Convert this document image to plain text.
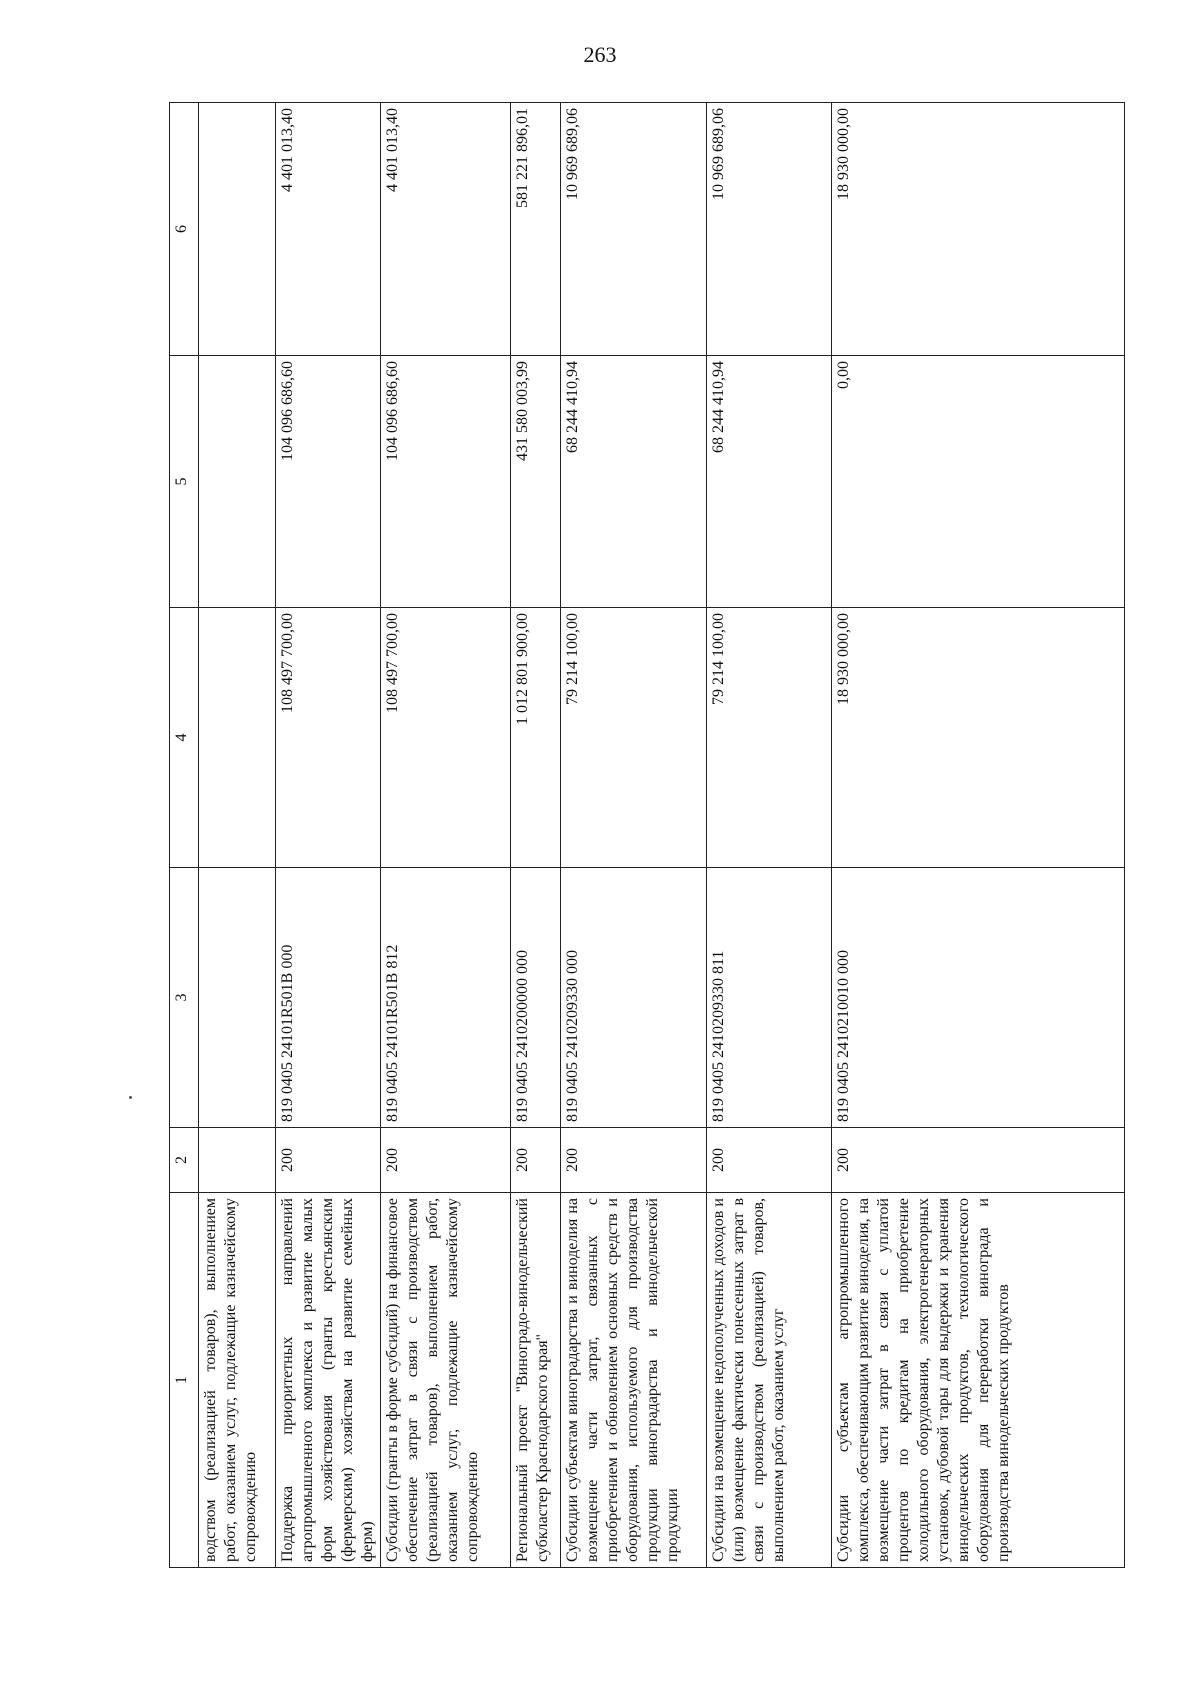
263
1	2	3	4	5	6
водством (реализацией товаров), выполнением работ, оказанием услуг, подлежащие казначейскому сопровождению					
Поддержка приоритетных направлений агропромышленного комплекса и развитие малых форм хозяйствования (гранты крестьянским (фермерским) хозяйствам на развитие семейных ферм)	200	819 0405 24101R501B 000	108 497 700,00	104 096 686,60	4 401 013,40
Субсидии (гранты в форме субсидий) на финансовое обеспечение затрат в связи с производством (реализацией товаров), выполнением работ, оказанием услуг, подлежащие казначейскому сопровождению	200	819 0405 24101R501B 812	108 497 700,00	104 096 686,60	4 401 013,40
Региональный проект "Виноградо-винодельческий субкластер Краснодарского края"	200	819 0405 2410200000 000	1 012 801 900,00	431 580 003,99	581 221 896,01
Субсидии субъектам виноградарства и виноделия на возмещение части затрат, связанных с приобретением и обновлением основных средств и оборудования, используемого для производства продукции виноградарства и винодельческой продукции	200	819 0405 2410209330 000	79 214 100,00	68 244 410,94	10 969 689,06
Субсидии на возмещение недополученных доходов и (или) возмещение фактически понесенных затрат в связи с производством (реализацией) товаров, выполнением работ, оказанием услуг	200	819 0405 2410209330 811	79 214 100,00	68 244 410,94	10 969 689,06
Субсидии субъектам агропромышленного комплекса, обеспечивающим развитие виноделия, на возмещение части затрат в связи с уплатой процентов по кредитам на приобретение холодильного оборудования, электрогенераторных установок, дубовой тары для выдержки и хранения винодельческих продуктов, технологического оборудования для переработки винограда и производства винодельческих продуктов	200	819 0405 2410210010 000	18 930 000,00	0,00	18 930 000,00
